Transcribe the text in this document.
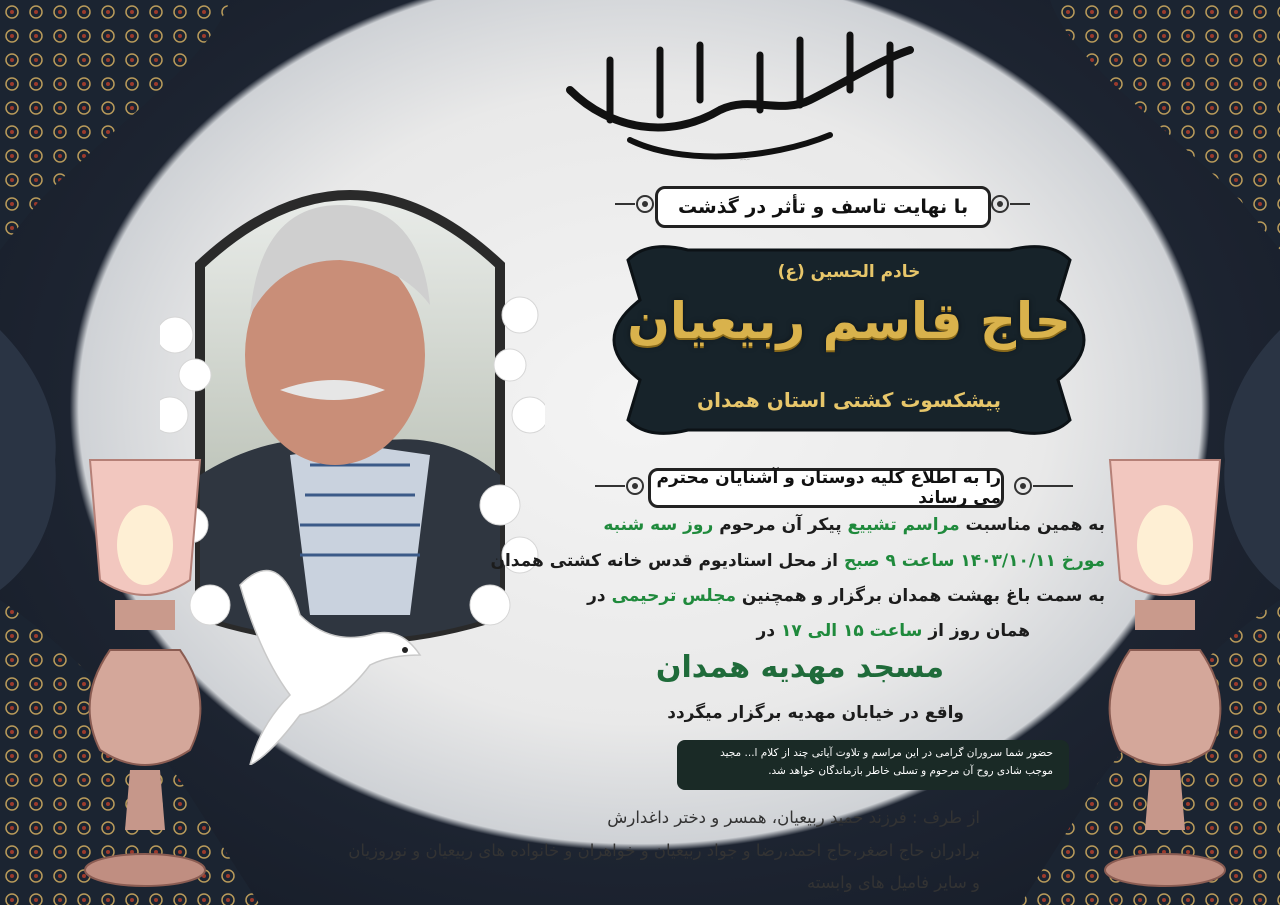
انا لله و انا الیه راجعون
با نهایت تاسف و تأثر در گذشت
خادم الحسین (ع)
حاج قاسم ربیعیان
پیشکسوت کشتی استان همدان
را به اطلاع کلیه دوستان و آشنایان محترم می رساند
به همین مناسبت مراسم تشییع پیکر آن مرحوم روز سه شنبه
مورخ ۱۴۰۳/۱۰/۱۱ ساعت ۹ صبح از محل استادیوم قدس خانه کشتی همدان
به سمت باغ بهشت همدان برگزار و همچنین مجلس ترحیمی در
همان روز از ساعت ۱۵ الی ۱۷ در
مسجد مهدیه همدان
واقع در خیابان مهدیه برگزار میگردد
حضور شما سروران گرامی در این مراسم و تلاوت آیاتی چند از کلام ا... مجید
موجب شادی روح آن مرحوم و تسلی خاطر بازماندگان خواهد شد.
از طرف : فرزند حمید ربیعیان، همسر و دختر داغدارش
برادران حاج اصغر،حاج احمد،رضا و جواد ربیعیان و خواهران و خانواده های ربیعیان و نوروزیان
و سایر فامیل های وابسته
